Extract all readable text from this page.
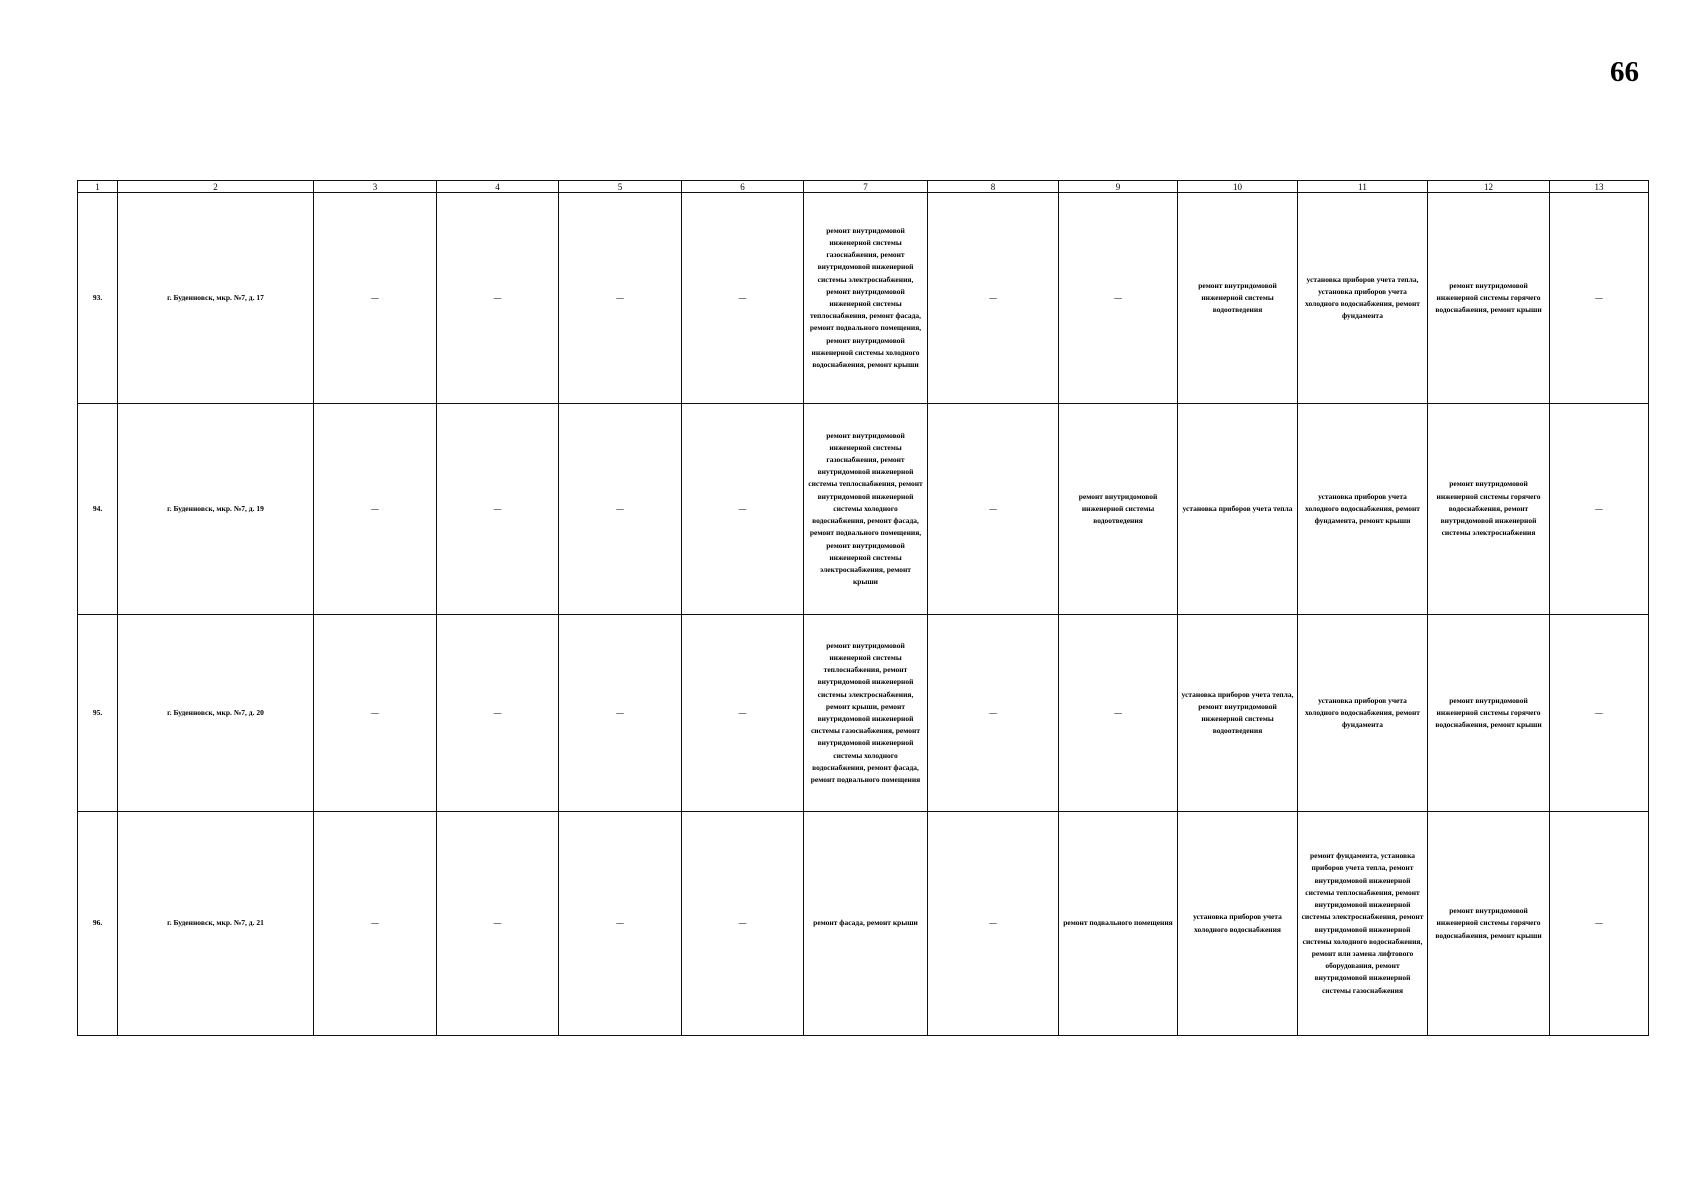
66
1	2	3	4	5	6	7	8	9	10	11	12	13
93.	г. Буденновск, мкр. №7, д. 17	—	—	—	—	ремонт внутридомовой инженерной системы газоснабжения, ремонт внутридомовой инженерной системы электроснабжения, ремонт внутридомовой инженерной системы теплоснабжения, ремонт фасада, ремонт подвального помещения, ремонт внутридомовой инженерной системы холодного водоснабжения, ремонт крыши	—	—	ремонт внутридомовой инженерной системы водоотведения	установка приборов учета тепла, установка приборов учета холодного водоснабжения, ремонт фундамента	ремонт внутридомовой инженерной системы горячего водоснабжения, ремонт крыши	—
94.	г. Буденновск, мкр. №7, д. 19	—	—	—	—	ремонт внутридомовой инженерной системы газоснабжения, ремонт внутридомовой инженерной системы теплоснабжения, ремонт внутридомовой инженерной системы холодного водоснабжения, ремонт фасада, ремонт подвального помещения, ремонт внутридомовой инженерной системы электроснабжения, ремонт крыши	—	ремонт внутридомовой инженерной системы водоотведения	установка приборов учета тепла	установка приборов учета холодного водоснабжения, ремонт фундамента, ремонт крыши	ремонт внутридомовой инженерной системы горячего водоснабжения, ремонт внутридомовой инженерной системы электроснабжения	—
95.	г. Буденновск, мкр. №7, д. 20	—	—	—	—	ремонт внутридомовой инженерной системы теплоснабжения, ремонт внутридомовой инженерной системы электроснабжения, ремонт крыши, ремонт внутридомовой инженерной системы газоснабжения, ремонт внутридомовой инженерной системы холодного водоснабжения, ремонт фасада, ремонт подвального помещения	—	—	установка приборов учета тепла, ремонт внутридомовой инженерной системы водоотведения	установка приборов учета холодного водоснабжения, ремонт фундамента	ремонт внутридомовой инженерной системы горячего водоснабжения, ремонт крыши	—
96.	г. Буденновск, мкр. №7, д. 21	—	—	—	—	ремонт фасада, ремонт крыши	—	ремонт подвального помещения	установка приборов учета холодного водоснабжения	ремонт фундамента, установка приборов учета тепла, ремонт внутридомовой инженерной системы теплоснабжения, ремонт внутридомовой инженерной системы электроснабжения, ремонт внутридомовой инженерной системы холодного водоснабжения, ремонт или замена лифтового оборудования, ремонт внутридомовой инженерной системы газоснабжения	ремонт внутридомовой инженерной системы горячего водоснабжения, ремонт крыши	—
